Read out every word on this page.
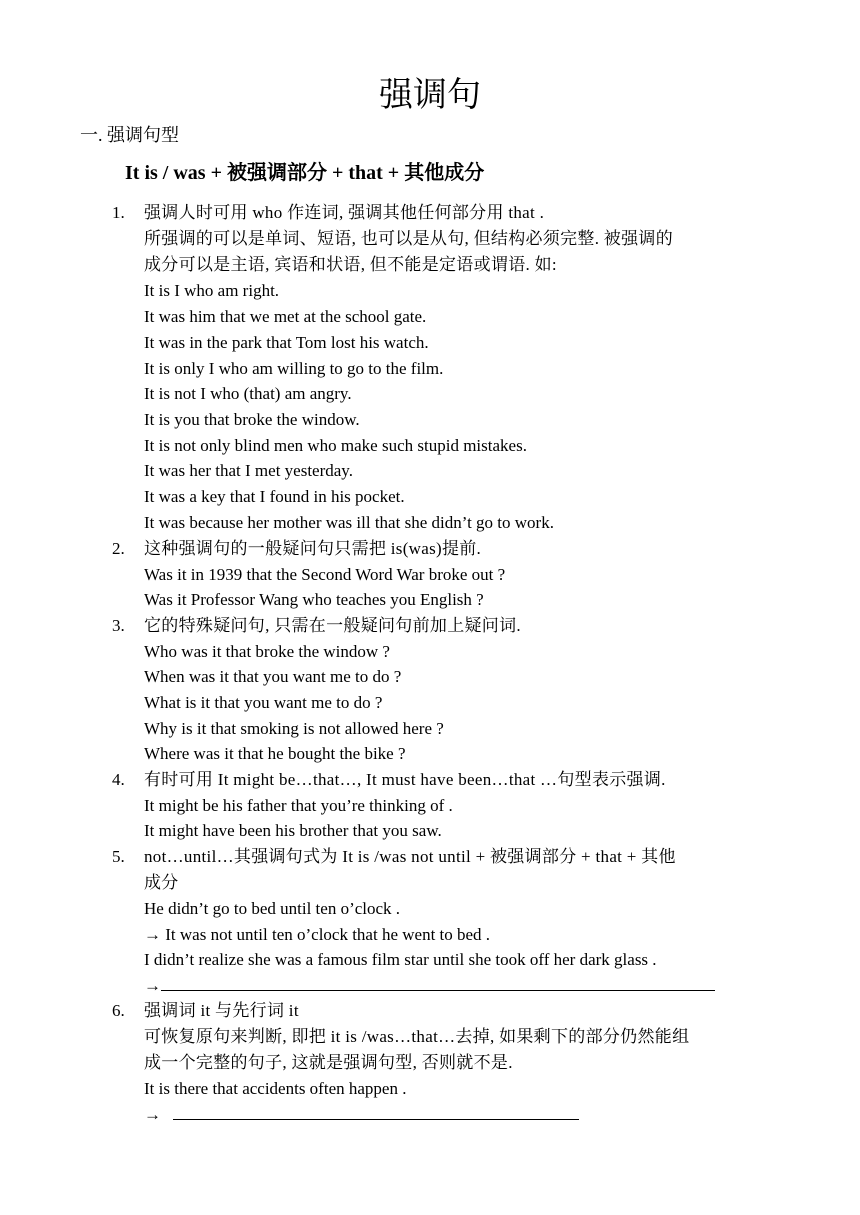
强调句
一. 强调句型
It is / was + 被强调部分 + that + 其他成分
1. 强调人时可用 who 作连词, 强调其他任何部分用 that .
所强调的可以是单词、短语, 也可以是从句, 但结构必须完整. 被强调的
成分可以是主语, 宾语和状语, 但不能是定语或谓语. 如:
It is I who am right.
It was him that we met at the school gate.
It was in the park that Tom lost his watch.
It is only I who am willing to go to the film.
It is not I who (that) am angry.
It is you that broke the window.
It is not only blind men who make such stupid mistakes.
It was her that I met yesterday.
It was a key that I found in his pocket.
It was because her mother was ill that she didn’t go to work.
2. 这种强调句的一般疑问句只需把 is(was)提前.
Was it in 1939 that the Second Word War broke out ?
Was it Professor Wang who teaches you English ?
3. 它的特殊疑问句, 只需在一般疑问句前加上疑问词.
Who was it that broke the window ?
When was it that you want me to do ?
What is it that you want me to do ?
Why is it that smoking is not allowed here ?
Where was it that he bought the bike ?
4. 有时可用 It might be…that…, It must have been…that …句型表示强调.
It might be his father that you’re thinking of .
It might have been his brother that you saw.
5. not…until…其强调句式为 It is /was not until + 被强调部分 + that + 其他
成分
He didn’t go to bed until ten o’clock .
→ It was not until ten o’clock that he went to bed .
I didn’t realize she was a famous film star until she took off her dark glass .
→
6. 强调词 it 与先行词 it
可恢复原句来判断, 即把 it is /was…that…去掉, 如果剩下的部分仍然能组
成一个完整的句子, 这就是强调句型, 否则就不是.
It is there that accidents often happen .
→
